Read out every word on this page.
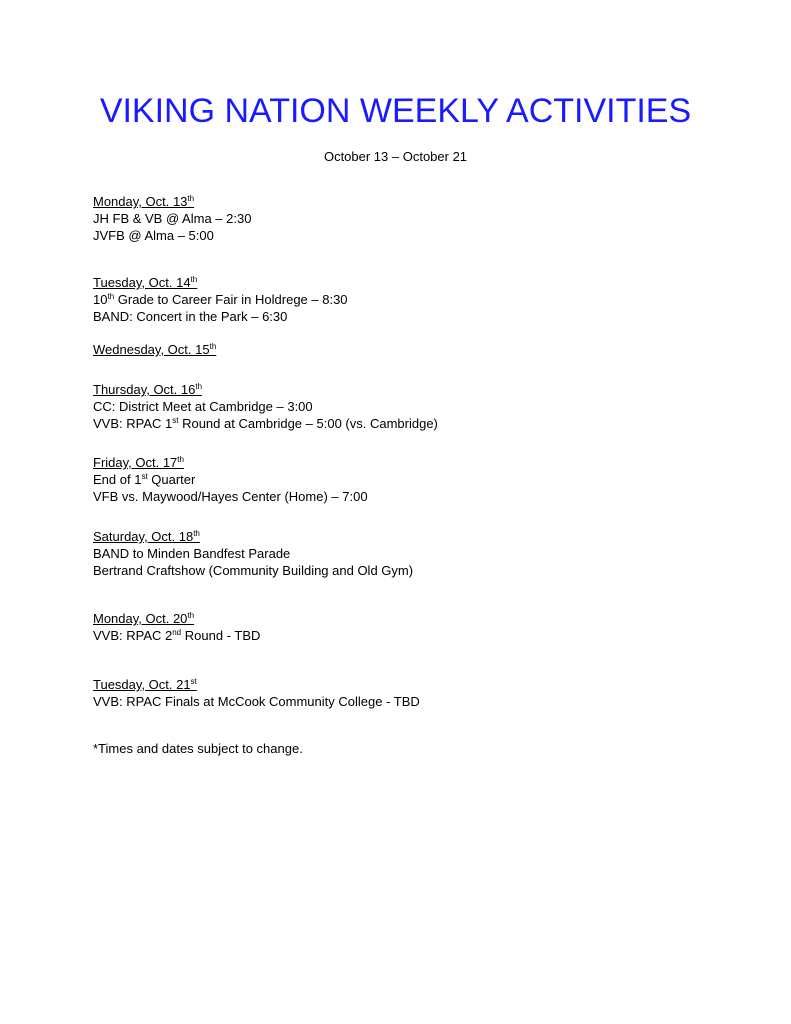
VIKING NATION WEEKLY ACTIVITIES
October 13 – October 21
Monday, Oct. 13th
JH FB & VB @ Alma – 2:30
JVFB @ Alma – 5:00
Tuesday, Oct. 14th
10th Grade to Career Fair in Holdrege – 8:30
BAND: Concert in the Park – 6:30
Wednesday, Oct. 15th
Thursday, Oct. 16th
CC: District Meet at Cambridge – 3:00
VVB: RPAC 1st Round at Cambridge – 5:00 (vs. Cambridge)
Friday, Oct. 17th
End of 1st Quarter
VFB vs. Maywood/Hayes Center (Home) – 7:00
Saturday, Oct. 18th
BAND to Minden Bandfest Parade
Bertrand Craftshow (Community Building and Old Gym)
Monday, Oct. 20th
VVB: RPAC 2nd Round - TBD
Tuesday, Oct. 21st
VVB: RPAC Finals at McCook Community College - TBD
*Times and dates subject to change.
